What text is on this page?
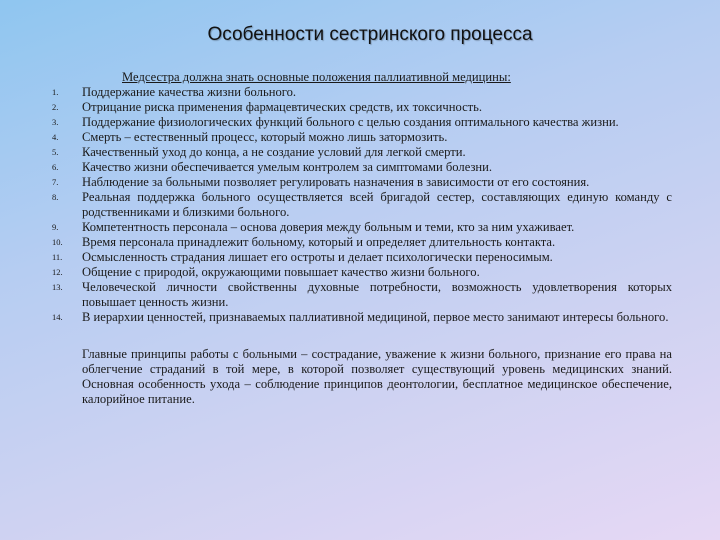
Особенности сестринского процесса
Медсестра должна знать основные положения паллиативной медицины:
1.	Поддержание качества жизни больного.
2.	Отрицание риска применения фармацевтических средств, их токсичность.
3.	Поддержание физиологических функций больного с целью создания оптимального качества жизни.
4.	Смерть – естественный процесс, который можно лишь затормозить.
5.	Качественный уход до конца, а не создание условий для легкой смерти.
6.	Качество жизни обеспечивается умелым контролем за симптомами болезни.
7.	Наблюдение за больными позволяет регулировать назначения в зависимости от его состояния.
8.	Реальная поддержка больного осуществляется всей бригадой сестер, составляющих единую команду с родственниками и близкими больного.
9.	Компетентность персонала – основа доверия между больным и теми, кто за ним ухаживает.
10.	Время персонала принадлежит больному, который и определяет длительность контакта.
11.	Осмысленность страдания лишает его остроты и делает психологически переносимым.
12.	Общение с природой, окружающими повышает качество жизни больного.
13.	Человеческой личности свойственны духовные потребности, возможность удовлетворения которых повышает ценность жизни.
14.	В иерархии ценностей, признаваемых паллиативной медициной, первое место занимают интересы больного.
Главные принципы работы с больными – сострадание, уважение к жизни больного, признание его права на облегчение страданий в той мере, в которой позволяет существующий уровень медицинских знаний. Основная особенность ухода – соблюдение принципов деонтологии, бесплатное медицинское обеспечение, калорийное питание.
